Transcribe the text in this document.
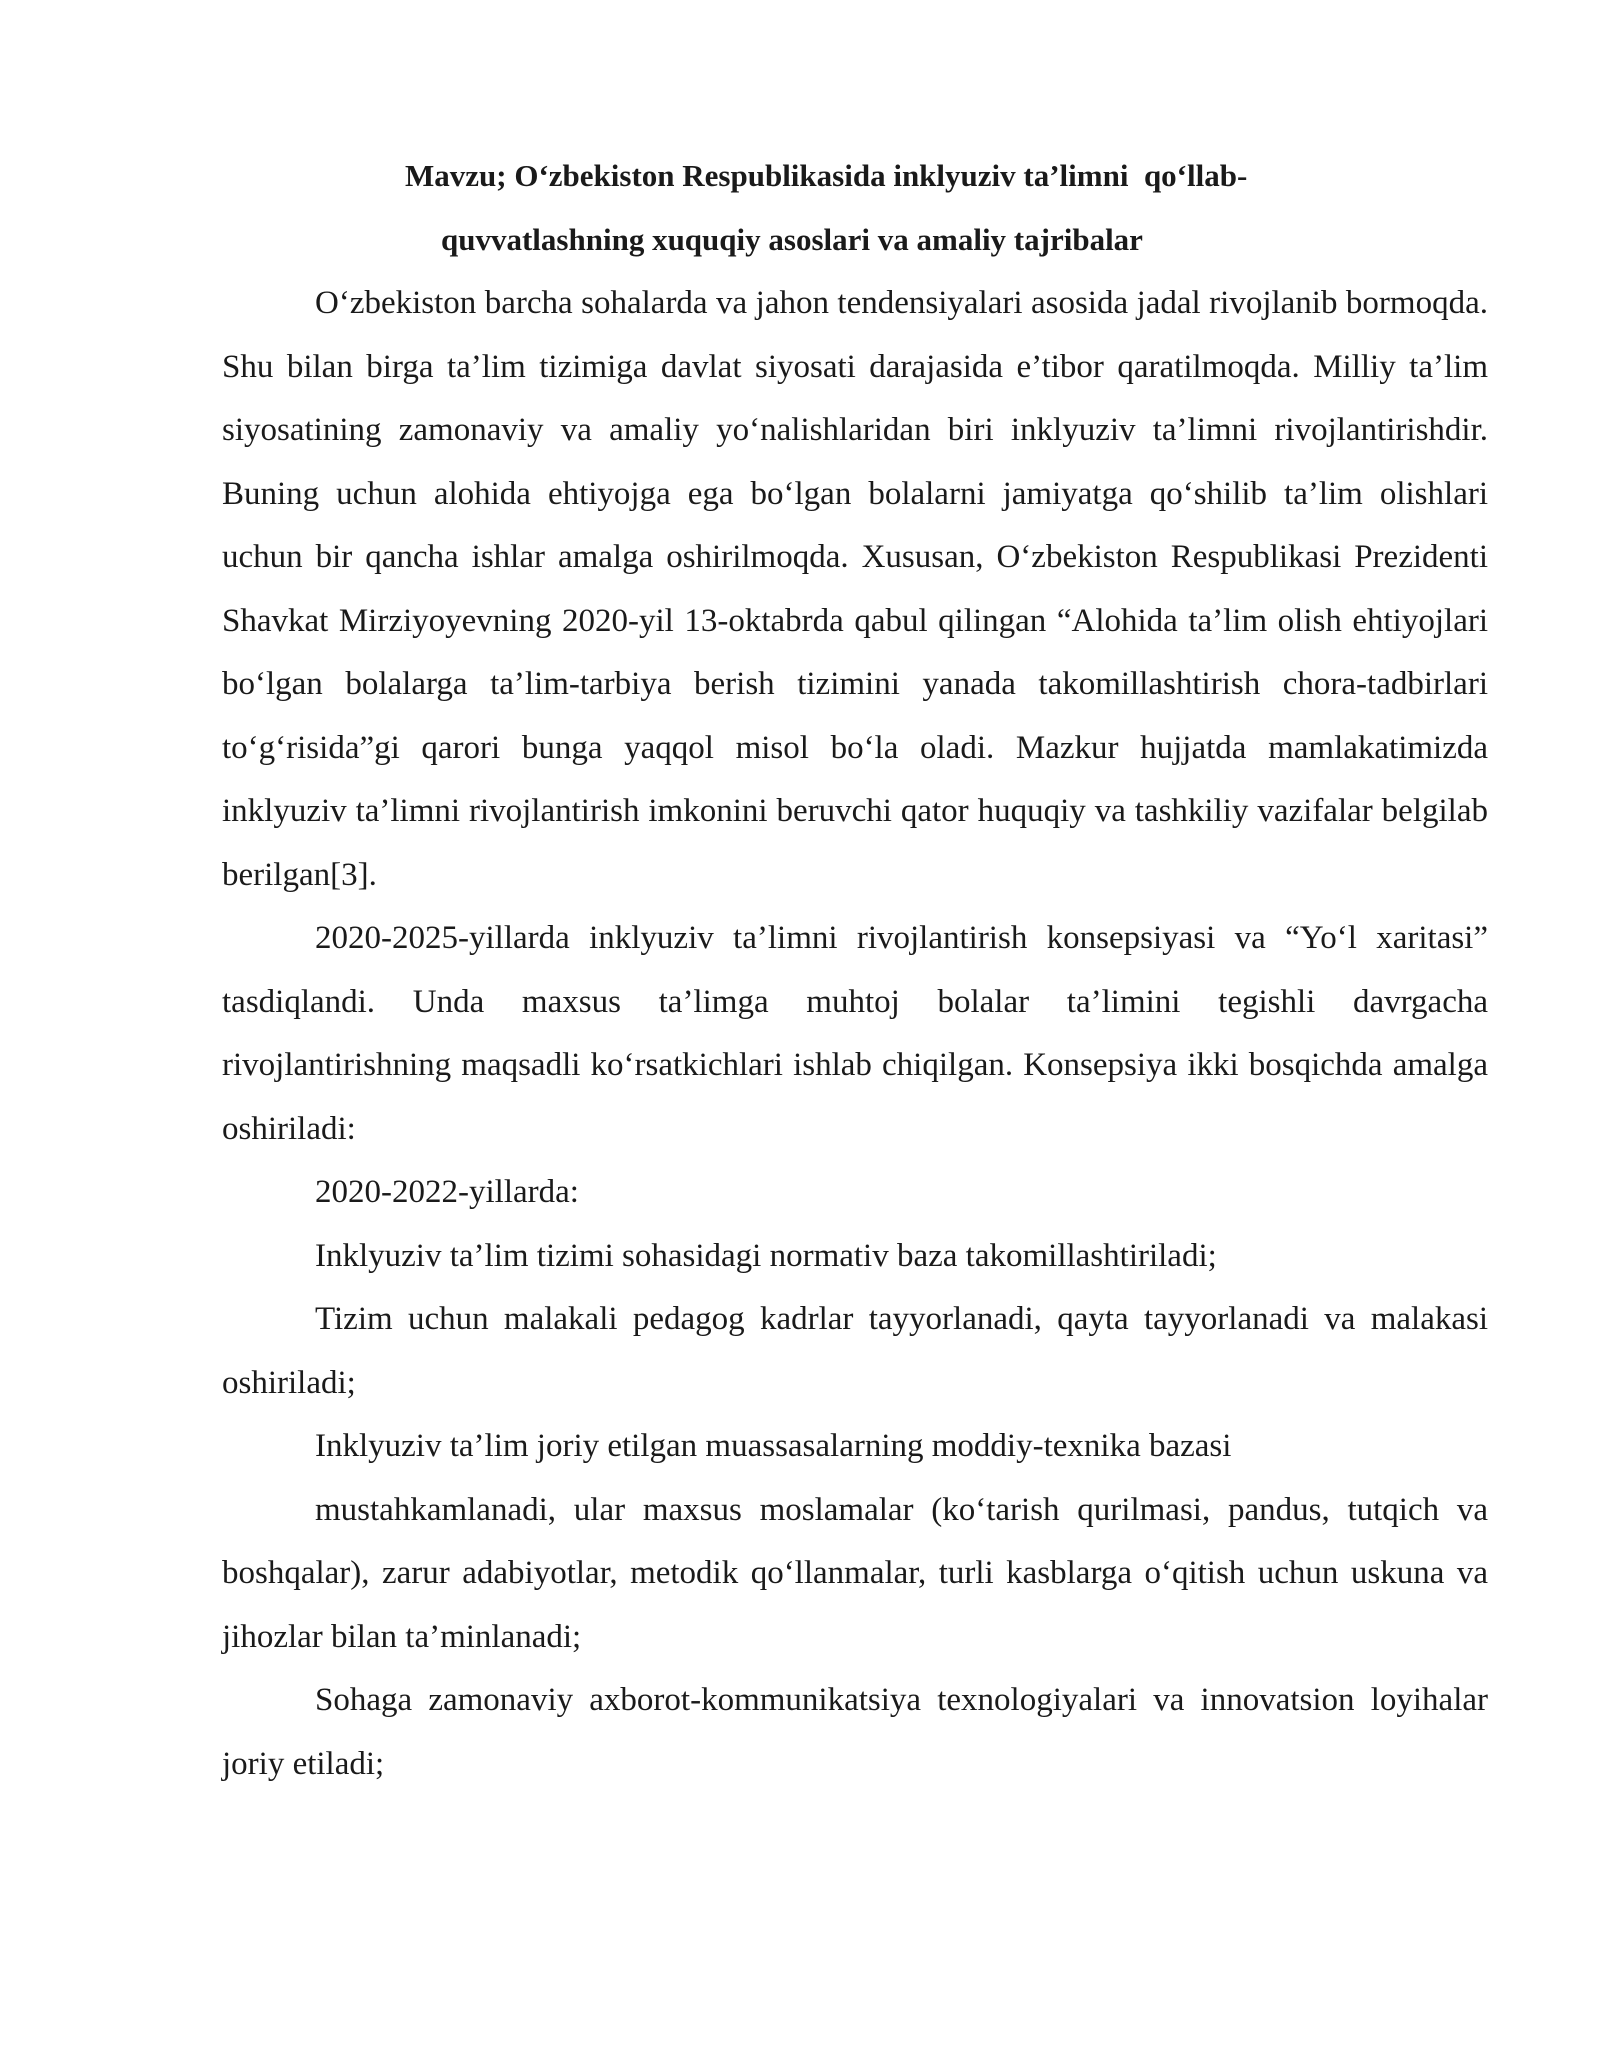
Mavzu; O‘zbekiston Respublikasida inklyuziv ta’limni  qo‘llab-
quvvatlashning xuquqiy asoslari va amaliy tajribalar

O‘zbekiston barcha sohalarda va jahon tendensiyalari asosida jadal rivojlanib bormoqda. Shu bilan birga ta’lim tizimiga davlat siyosati darajasida e’tibor qaratilmoqda. Milliy ta’lim siyosatining zamonaviy va amaliy yo‘nalishlaridan biri inklyuziv ta’limni rivojlantirishdir. Buning uchun alohida ehtiyojga ega bo‘lgan bolalarni jamiyatga qo‘shilib ta’lim olishlari uchun bir qancha ishlar amalga oshirilmoqda. Xususan, O‘zbekiston Respublikasi Prezidenti Shavkat Mirziyoyevning 2020-yil 13-oktabrda qabul qilingan “Alohida ta’lim olish ehtiyojlari bo‘lgan bolalarga ta’lim-tarbiya berish tizimini yanada takomillashtirish chora-tadbirlari to‘g‘risida”gi qarori bunga yaqqol misol bo‘la oladi. Mazkur hujjatda mamlakatimizda inklyuziv ta’limni rivojlantirish imkonini beruvchi qator huquqiy va tashkiliy vazifalar belgilab berilgan[3].

2020-2025-yillarda inklyuziv ta’limni rivojlantirish konsepsiyasi va “Yo‘l xaritasi” tasdiqlandi. Unda maxsus ta’limga muhtoj bolalar ta’limini tegishli davrgacha rivojlantirishning maqsadli ko‘rsatkichlari ishlab chiqilgan. Konsepsiya ikki bosqichda amalga oshiriladi:

2020-2022-yillarda:

Inklyuziv ta’lim tizimi sohasidagi normativ baza takomillashtiriladi;

Tizim uchun malakali pedagog kadrlar tayyorlanadi, qayta tayyorlanadi va malakasi oshiriladi;

Inklyuziv ta’lim joriy etilgan muassasalarning moddiy-texnika bazasi

mustahkamlanadi, ular maxsus moslamalar (ko‘tarish qurilmasi, pandus, tutqich va boshqalar), zarur adabiyotlar, metodik qo‘llanmalar, turli kasblarga o‘qitish uchun uskuna va jihozlar bilan ta’minlanadi;

Sohaga zamonaviy axborot-kommunikatsiya texnologiyalari va innovatsion loyihalar joriy etiladi;
